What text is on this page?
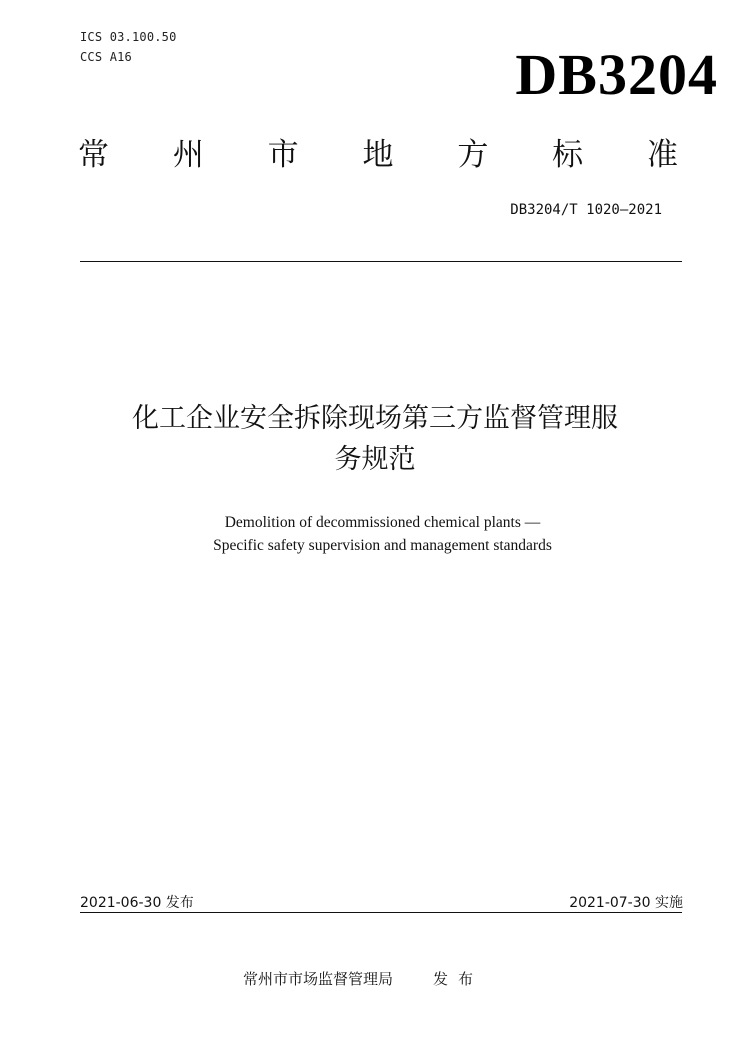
ICS 03.100.50
CCS A16	DB3204
常 州 市 地 方 标 准
DB3204/T 1020—2021
化工企业安全拆除现场第三方监督管理服
务规范
Demolition of decommissioned chemical plants —
Specific safety supervision and management standards
2021-06-30 发布	2021-07-30 实施
常州市市场监督管理局	发布
